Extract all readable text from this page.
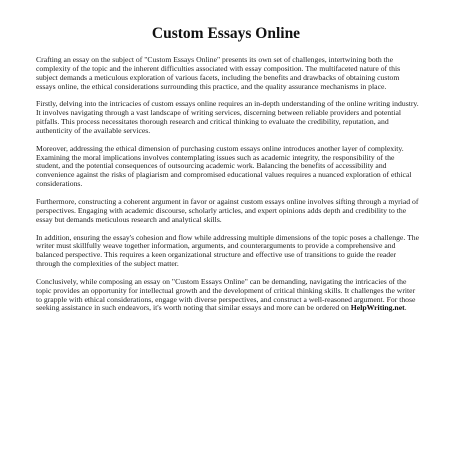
Custom Essays Online

Crafting an essay on the subject of "Custom Essays Online" presents its own set of challenges, intertwining both the complexity of the topic and the inherent difficulties associated with essay composition. The multifaceted nature of this subject demands a meticulous exploration of various facets, including the benefits and drawbacks of obtaining custom essays online, the ethical considerations surrounding this practice, and the quality assurance mechanisms in place.

Firstly, delving into the intricacies of custom essays online requires an in-depth understanding of the online writing industry. It involves navigating through a vast landscape of writing services, discerning between reliable providers and potential pitfalls. This process necessitates thorough research and critical thinking to evaluate the credibility, reputation, and authenticity of the available services.

Moreover, addressing the ethical dimension of purchasing custom essays online introduces another layer of complexity. Examining the moral implications involves contemplating issues such as academic integrity, the responsibility of the student, and the potential consequences of outsourcing academic work. Balancing the benefits of accessibility and convenience against the risks of plagiarism and compromised educational values requires a nuanced exploration of ethical considerations.

Furthermore, constructing a coherent argument in favor or against custom essays online involves sifting through a myriad of perspectives. Engaging with academic discourse, scholarly articles, and expert opinions adds depth and credibility to the essay but demands meticulous research and analytical skills.

In addition, ensuring the essay's cohesion and flow while addressing multiple dimensions of the topic poses a challenge. The writer must skillfully weave together information, arguments, and counterarguments to provide a comprehensive and balanced perspective. This requires a keen organizational structure and effective use of transitions to guide the reader through the complexities of the subject matter.

Conclusively, while composing an essay on "Custom Essays Online" can be demanding, navigating the intricacies of the topic provides an opportunity for intellectual growth and the development of critical thinking skills. It challenges the writer to grapple with ethical considerations, engage with diverse perspectives, and construct a well-reasoned argument. For those seeking assistance in such endeavors, it's worth noting that similar essays and more can be ordered on HelpWriting.net.
